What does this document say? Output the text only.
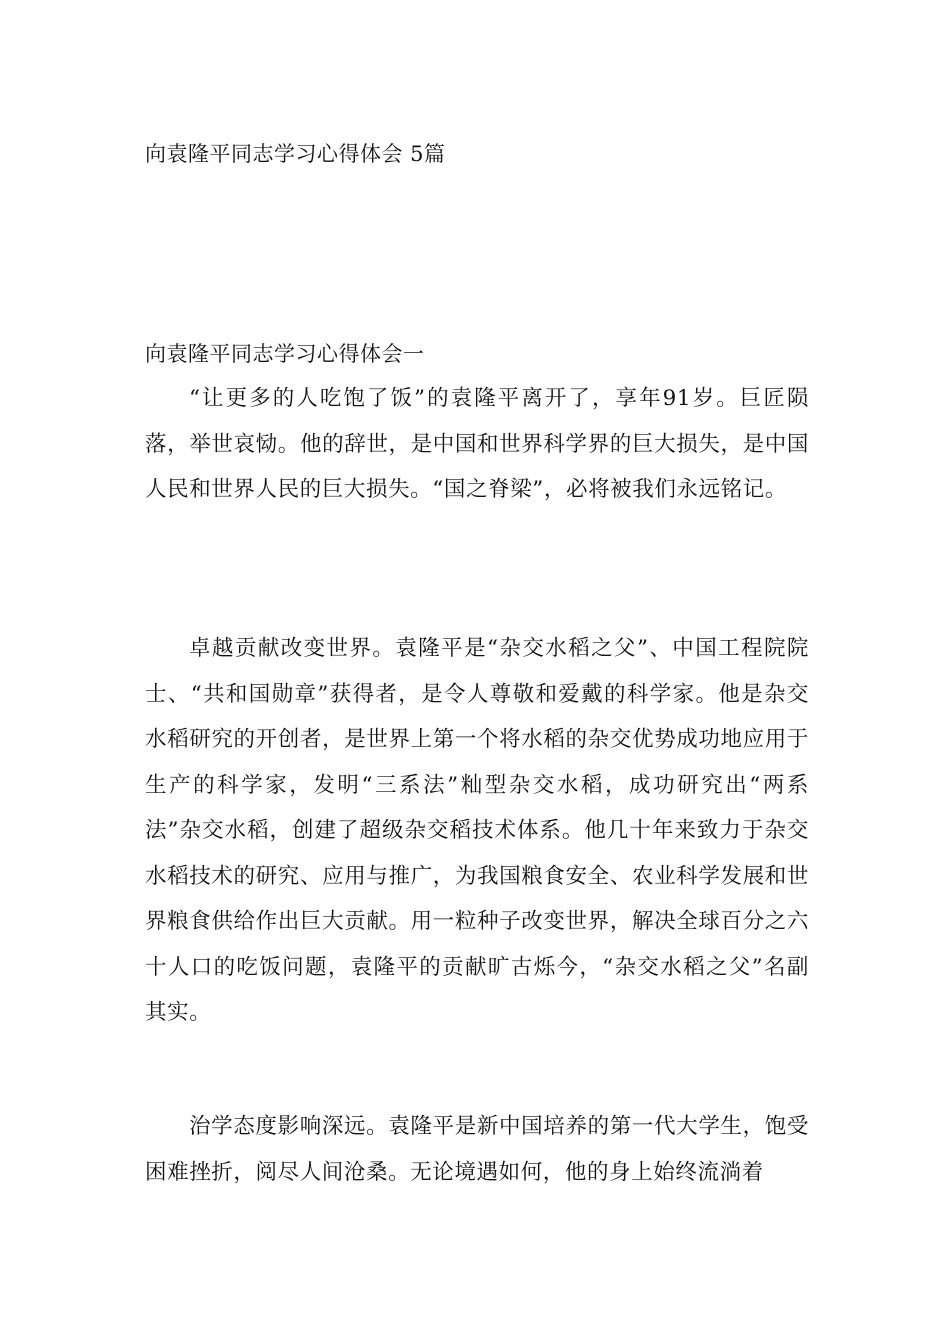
向袁隆平同志学习心得体会 5篇
向袁隆平同志学习心得体会一

“让更多的人吃饱了饭”的袁隆平离开了，享年91岁。巨匠陨落，举世哀恸。他的辞世，是中国和世界科学界的巨大损失，是中国人民和世界人民的巨大损失。“国之脊梁”，必将被我们永远铭记。

卓越贡献改变世界。袁隆平是“杂交水稻之父”、中国工程院院士、“共和国勋章”获得者，是令人尊敬和爱戴的科学家。他是杂交水稻研究的开创者，是世界上第一个将水稻的杂交优势成功地应用于生产的科学家，发明“三系法”籼型杂交水稻，成功研究出“两系法”杂交水稻，创建了超级杂交稻技术体系。他几十年来致力于杂交水稻技术的研究、应用与推广，为我国粮食安全、农业科学发展和世界粮食供给作出巨大贡献。用一粒种子改变世界，解决全球百分之六十人口的吃饭问题，袁隆平的贡献旷古烁今，“杂交水稻之父”名副其实。

治学态度影响深远。袁隆平是新中国培养的第一代大学生，饱受困难挫折，阅尽人间沧桑。无论境遇如何，他的身上始终流淌着
